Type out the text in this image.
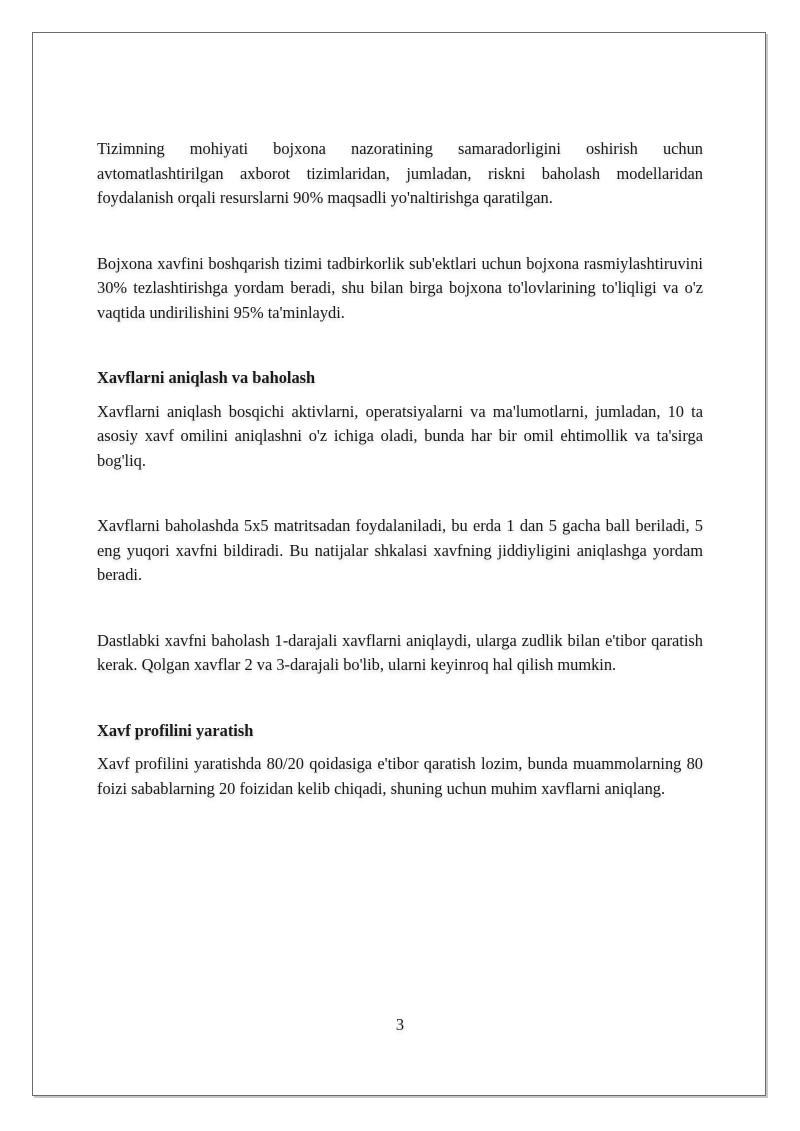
Tizimning mohiyati bojxona nazoratining samaradorligini oshirish uchun avtomatlashtirilgan axborot tizimlaridan, jumladan, riskni baholash modellaridan foydalanish orqali resurslarni 90% maqsadli yo'naltirishga qaratilgan.

Bojxona xavfini boshqarish tizimi tadbirkorlik sub'ektlari uchun bojxona rasmiylashtiruvini 30% tezlashtirishga yordam beradi, shu bilan birga bojxona to'lovlarining to'liqligi va o'z vaqtida undirilishini 95% ta'minlaydi.

Xavflarni aniqlash va baholash

Xavflarni aniqlash bosqichi aktivlarni, operatsiyalarni va ma'lumotlarni, jumladan, 10 ta asosiy xavf omilini aniqlashni o'z ichiga oladi, bunda har bir omil ehtimollik va ta'sirga bog'liq.

Xavflarni baholashda 5x5 matritsadan foydalaniladi, bu erda 1 dan 5 gacha ball beriladi, 5 eng yuqori xavfni bildiradi. Bu natijalar shkalasi xavfning jiddiyligini aniqlashga yordam beradi.

Dastlabki xavfni baholash 1-darajali xavflarni aniqlaydi, ularga zudlik bilan e'tibor qaratish kerak. Qolgan xavflar 2 va 3-darajali bo'lib, ularni keyinroq hal qilish mumkin.

Xavf profilini yaratish

Xavf profilini yaratishda 80/20 qoidasiga e'tibor qaratish lozim, bunda muammolarning 80 foizi sabablarning 20 foizidan kelib chiqadi, shuning uchun muhim xavflarni aniqlang.

3
